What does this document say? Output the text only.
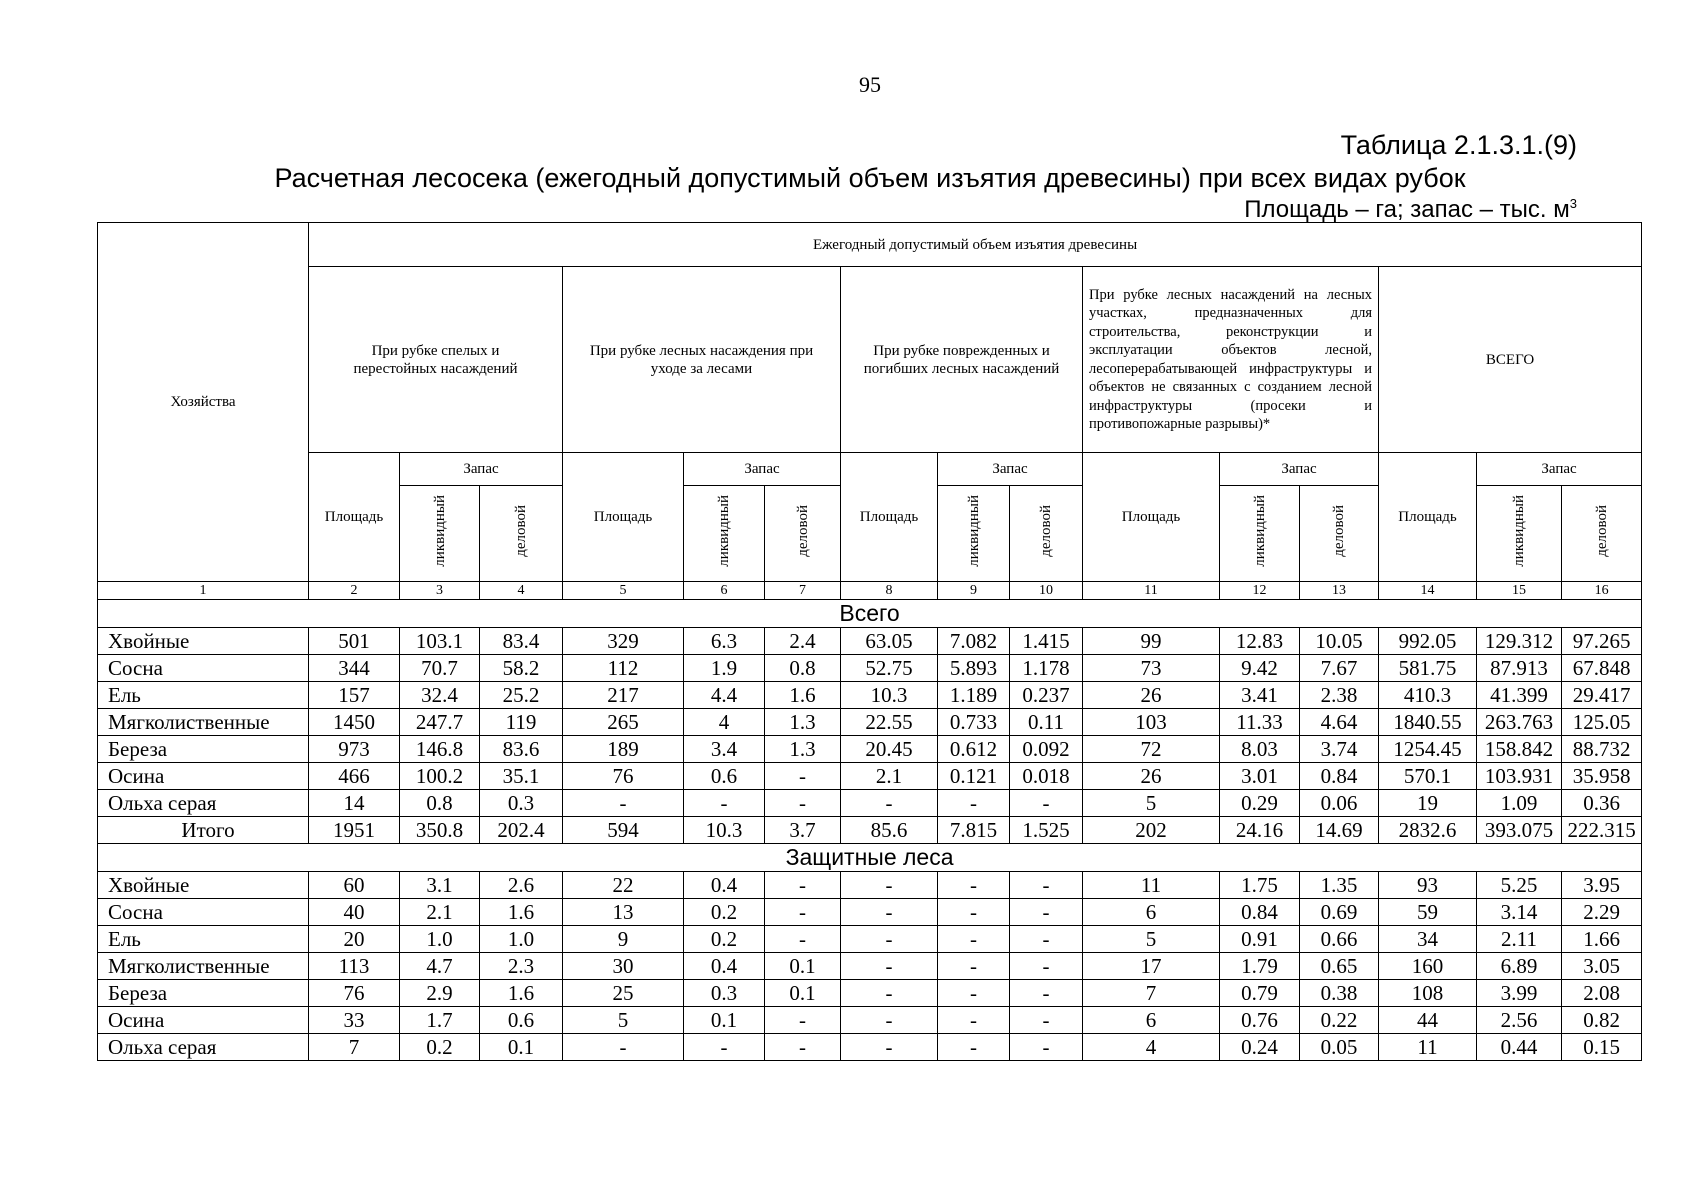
95
Таблица 2.1.3.1.(9)
Расчетная лесосека (ежегодный допустимый объем изъятия древесины) при всех видах рубок
Площадь – га; запас – тыс. $м^3$
Хозяйства	Ежегодный допустимый объем изъятия древесины														
	При рубке спелых и перестойных насаждений			При рубке лесных насаждения при уходе за лесами			При рубке поврежденных и погибших лесных насаждений			При рубке лесных насаждений на лесных участках, предназначенных для строительства, реконструкции и эксплуатации объектов лесной, лесоперерабатывающей инфраструктуры и объектов не связанных с созданием лесной инфраструктуры (просеки и противопожарные разрывы)*			ВСЕГО		
	Площадь	Запас		Площадь	Запас		Площадь	Запас		Площадь	Запас		Площадь	Запас	
		ликвидный	деловой		ликвидный	деловой		ликвидный	деловой		ликвидный	деловой		ликвидный	деловой
1	2	3	4	5	6	7	8	9	10	11	12	13	14	15	16
Всего															
Хвойные	501	103.1	83.4	329	6.3	2.4	63.05	7.082	1.415	99	12.83	10.05	992.05	129.312	97.265
Сосна	344	70.7	58.2	112	1.9	0.8	52.75	5.893	1.178	73	9.42	7.67	581.75	87.913	67.848
Ель	157	32.4	25.2	217	4.4	1.6	10.3	1.189	0.237	26	3.41	2.38	410.3	41.399	29.417
Мягколиственные	1450	247.7	119	265	4	1.3	22.55	0.733	0.11	103	11.33	4.64	1840.55	263.763	125.05
Береза	973	146.8	83.6	189	3.4	1.3	20.45	0.612	0.092	72	8.03	3.74	1254.45	158.842	88.732
Осина	466	100.2	35.1	76	0.6	-	2.1	0.121	0.018	26	3.01	0.84	570.1	103.931	35.958
Ольха серая	14	0.8	0.3	-	-	-	-	-	-	5	0.29	0.06	19	1.09	0.36
Итого	1951	350.8	202.4	594	10.3	3.7	85.6	7.815	1.525	202	24.16	14.69	2832.6	393.075	222.315
Защитные леса															
Хвойные	60	3.1	2.6	22	0.4	-	-	-	-	11	1.75	1.35	93	5.25	3.95
Сосна	40	2.1	1.6	13	0.2	-	-	-	-	6	0.84	0.69	59	3.14	2.29
Ель	20	1.0	1.0	9	0.2	-	-	-	-	5	0.91	0.66	34	2.11	1.66
Мягколиственные	113	4.7	2.3	30	0.4	0.1	-	-	-	17	1.79	0.65	160	6.89	3.05
Береза	76	2.9	1.6	25	0.3	0.1	-	-	-	7	0.79	0.38	108	3.99	2.08
Осина	33	1.7	0.6	5	0.1	-	-	-	-	6	0.76	0.22	44	2.56	0.82
Ольха серая	7	0.2	0.1	-	-	-	-	-	-	4	0.24	0.05	11	0.44	0.15
